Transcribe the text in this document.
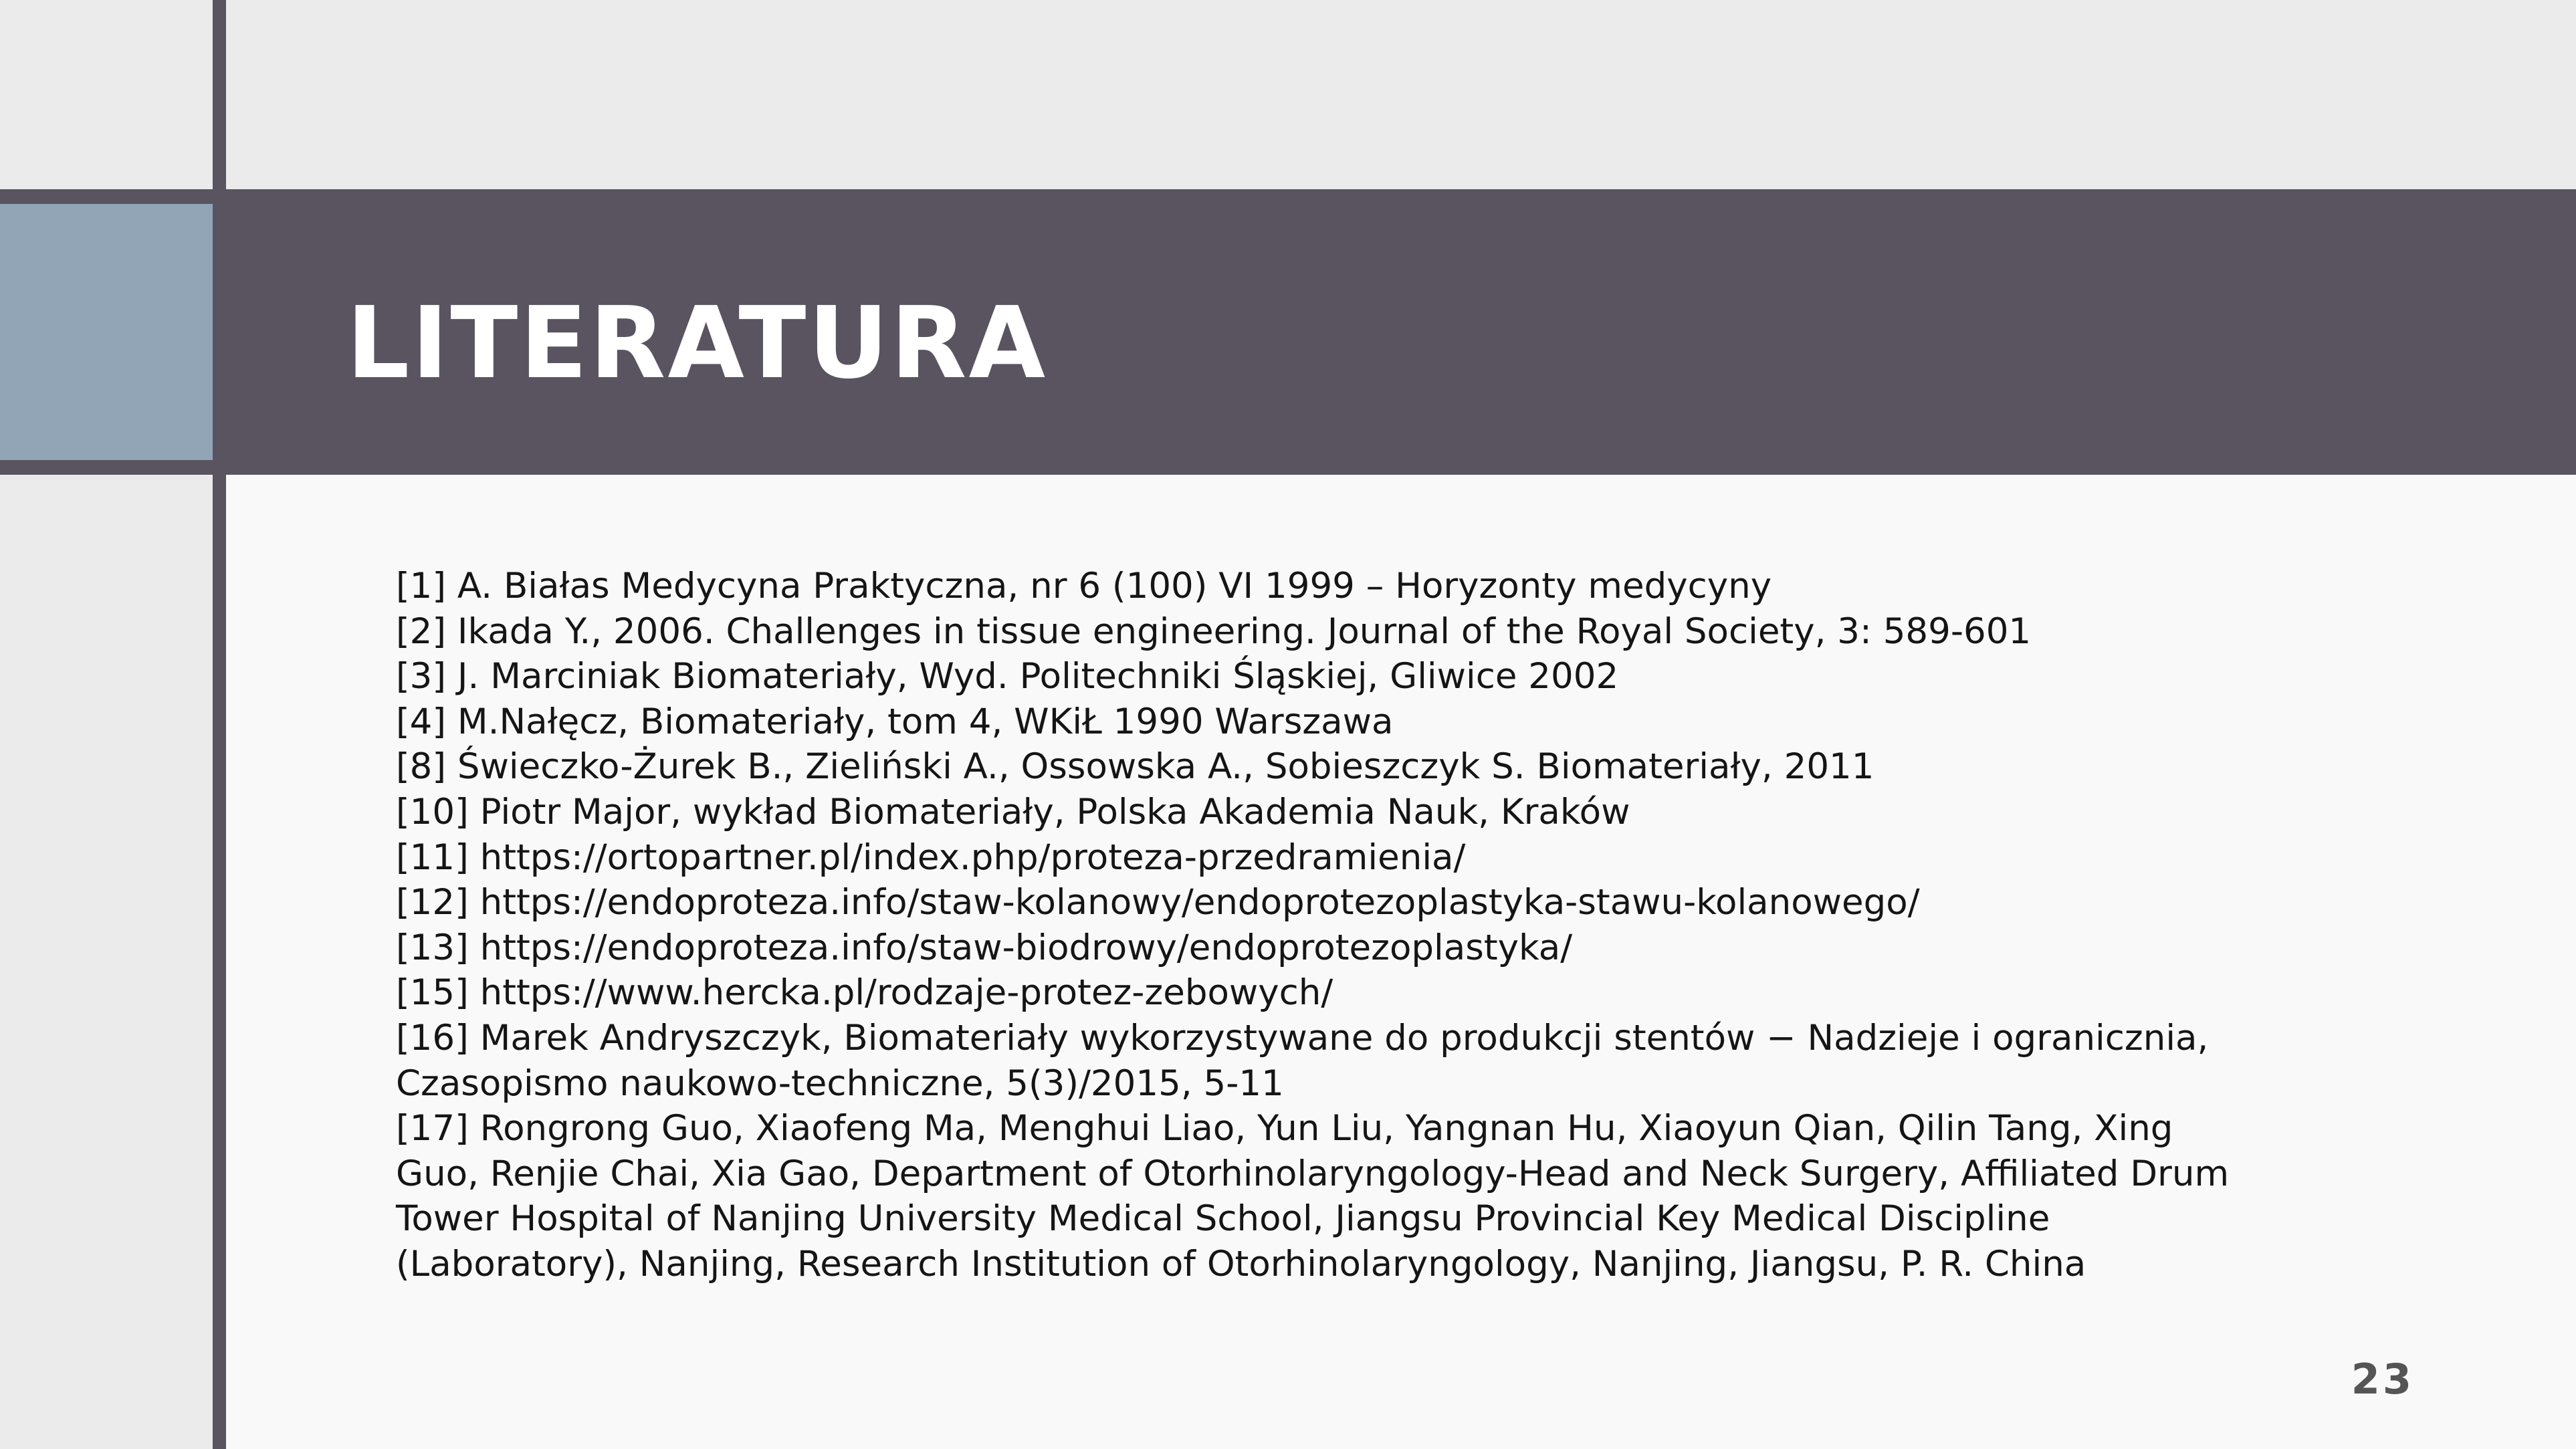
LITERATURA
[1] A. Białas Medycyna Praktyczna, nr 6 (100) VI 1999 – Horyzonty medycyny
[2] Ikada Y., 2006. Challenges in tissue engineering. Journal of the Royal Society, 3: 589-601
[3] J. Marciniak Biomateriały, Wyd. Politechniki Śląskiej, Gliwice 2002
[4] M.Nałęcz, Biomateriały, tom 4, WKiŁ 1990 Warszawa
[8] Świeczko-Żurek B., Zieliński A., Ossowska A., Sobieszczyk S. Biomateriały, 2011
[10] Piotr Major, wykład Biomateriały, Polska Akademia Nauk, Kraków
[11] https://ortopartner.pl/index.php/proteza-przedramienia/
[12] https://endoproteza.info/staw-kolanowy/endoprotezoplastyka-stawu-kolanowego/
[13] https://endoproteza.info/staw-biodrowy/endoprotezoplastyka/
[15] https://www.hercka.pl/rodzaje-protez-zebowych/
[16] Marek Andryszczyk, Biomateriały wykorzystywane do produkcji stentów − Nadzieje i ogranicznia, Czasopismo naukowo-techniczne, 5(3)/2015, 5-11
[17] Rongrong Guo, Xiaofeng Ma, Menghui Liao, Yun Liu, Yangnan Hu, Xiaoyun Qian, Qilin Tang, Xing Guo, Renjie Chai, Xia Gao, Department of Otorhinolaryngology-Head and Neck Surgery, Affiliated Drum Tower Hospital of Nanjing University Medical School, Jiangsu Provincial Key Medical Discipline (Laboratory), Nanjing, Research Institution of Otorhinolaryngology, Nanjing, Jiangsu, P. R. China
23
